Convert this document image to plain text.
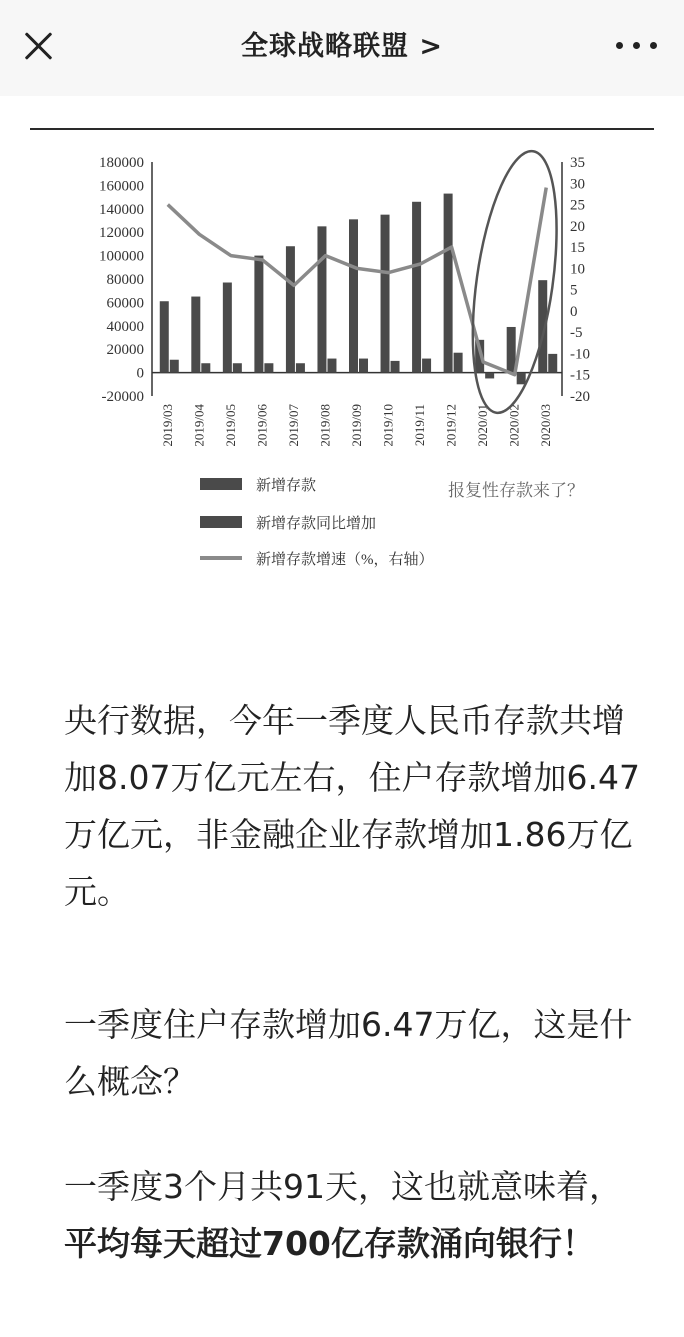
全球战略联盟 >
180000
160000
140000
120000
100000
80000
60000
40000
20000
0
-20000
35
30
25
20
15
10
5
0
-5
-10
-15
-20
2019/03 2019/04 2019/05 2019/06 2019/07 2019/08 2019/09 2019/10 2019/11 2019/12 2020/01 2020/02 2020/03
新增存款
新增存款同比增加
新增存款增速（%，右轴）
报复性存款来了？
央行数据，今年一季度人民币存款共增加8.07万亿元左右，住户存款增加6.47万亿元，非金融企业存款增加1.86万亿元。
一季度住户存款增加6.47万亿，这是什么概念？
一季度3个月共91天，这也就意味着，平均每天超过700亿存款涌向银行！
